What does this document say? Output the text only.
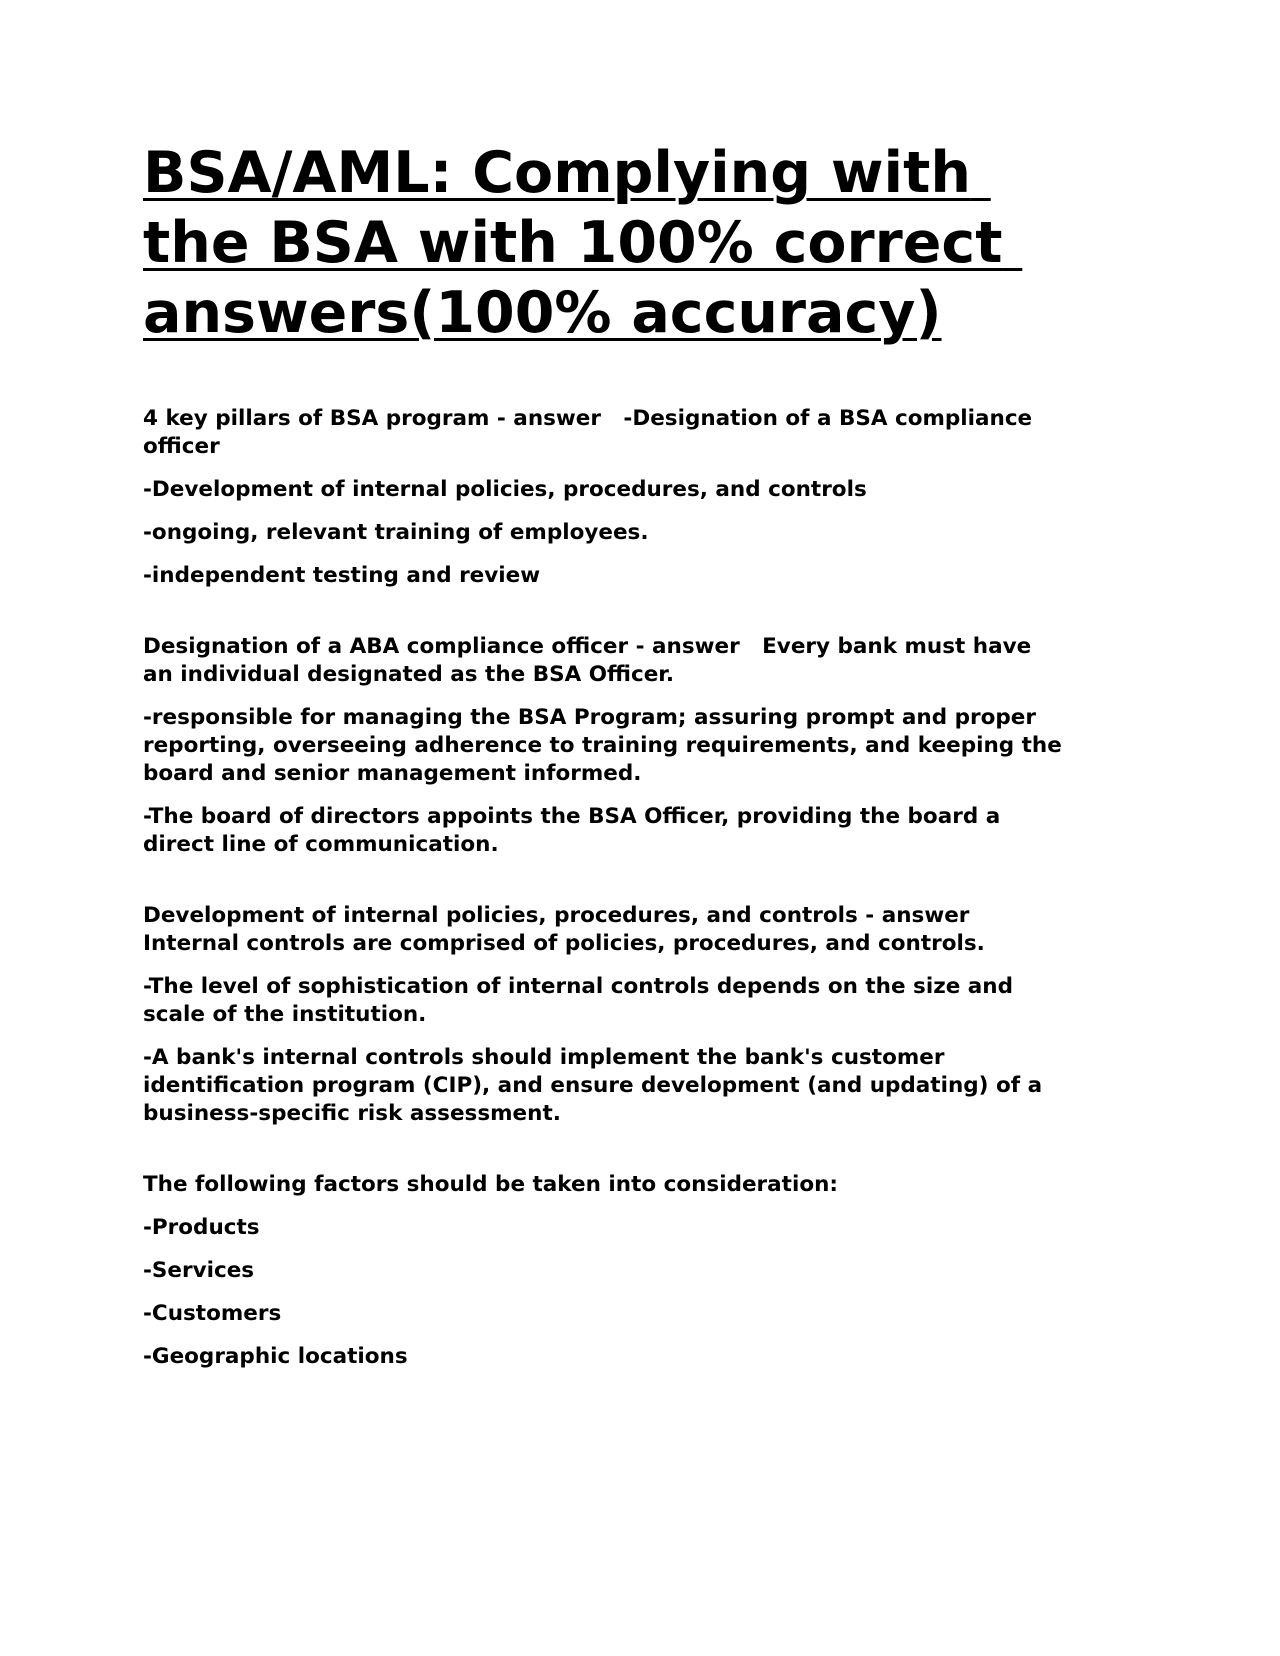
BSA/AML: Complying with the BSA with 100% correct answers(100% accuracy)

4 key pillars of BSA program - answer   -Designation of a BSA compliance officer

-Development of internal policies, procedures, and controls

-ongoing, relevant training of employees.

-independent testing and review

Designation of a ABA compliance officer - answer   Every bank must have an individual designated as the BSA Officer.

-responsible for managing the BSA Program; assuring prompt and proper reporting, overseeing adherence to training requirements, and keeping the board and senior management informed.

-The board of directors appoints the BSA Officer, providing the board a direct line of communication.

Development of internal policies, procedures, and controls - answer   Internal controls are comprised of policies, procedures, and controls.

-The level of sophistication of internal controls depends on the size and scale of the institution.

-A bank's internal controls should implement the bank's customer identification program (CIP), and ensure development (and updating) of a business-specific risk assessment.

The following factors should be taken into consideration:

-Products

-Services

-Customers

-Geographic locations
